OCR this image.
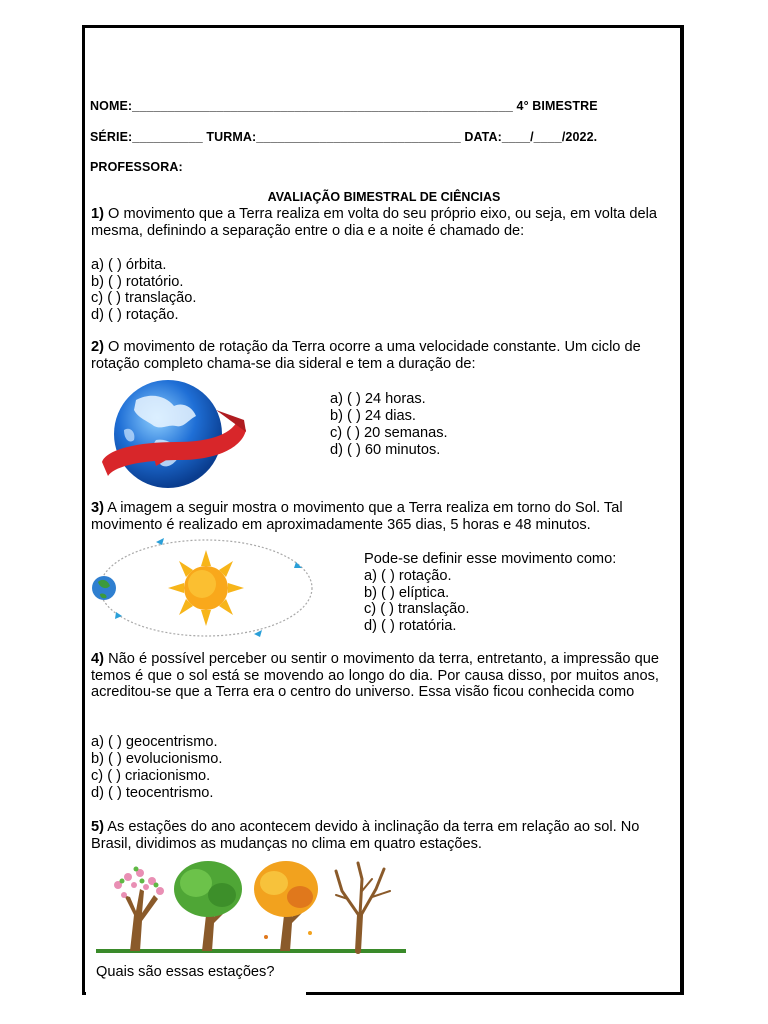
NOME:______________________________________________________ 4° BIMESTRE
SÉRIE:__________ TURMA:_____________________________ DATA:____/____/2022.
PROFESSORA:
AVALIAÇÃO BIMESTRAL DE CIÊNCIAS
1) O movimento que a Terra realiza em volta do seu próprio eixo, ou seja, em volta dela mesma, definindo a separação entre o dia e a noite é chamado de:
a) ( ) órbita.
b) ( ) rotatório.
c) ( ) translação.
d) ( ) rotação.
2) O movimento de rotação da Terra ocorre a uma velocidade constante. Um ciclo de rotação completo chama-se dia sideral e tem a duração de:
a) ( ) 24 horas.
b) ( ) 24 dias.
c) ( ) 20 semanas.
d) ( ) 60 minutos.
3) A imagem a seguir mostra o movimento que a Terra realiza em torno do Sol. Tal movimento é realizado em aproximadamente 365 dias, 5 horas e 48 minutos.
Pode-se definir esse movimento como:
a) ( ) rotação.
b) ( ) elíptica.
c) ( ) translação.
d) ( ) rotatória.
4) Não é possível perceber ou sentir o movimento da terra, entretanto, a impressão que temos é que o sol está se movendo ao longo do dia. Por causa disso, por muitos anos, acreditou-se que a Terra era o centro do universo. Essa visão ficou conhecida como
a) ( ) geocentrismo.
b) ( ) evolucionismo.
c) ( ) criacionismo.
d) ( ) teocentrismo.
5) As estações do ano acontecem devido à inclinação da terra em relação ao sol. No Brasil, dividimos as mudanças no clima em quatro estações.
Quais são essas estações?
